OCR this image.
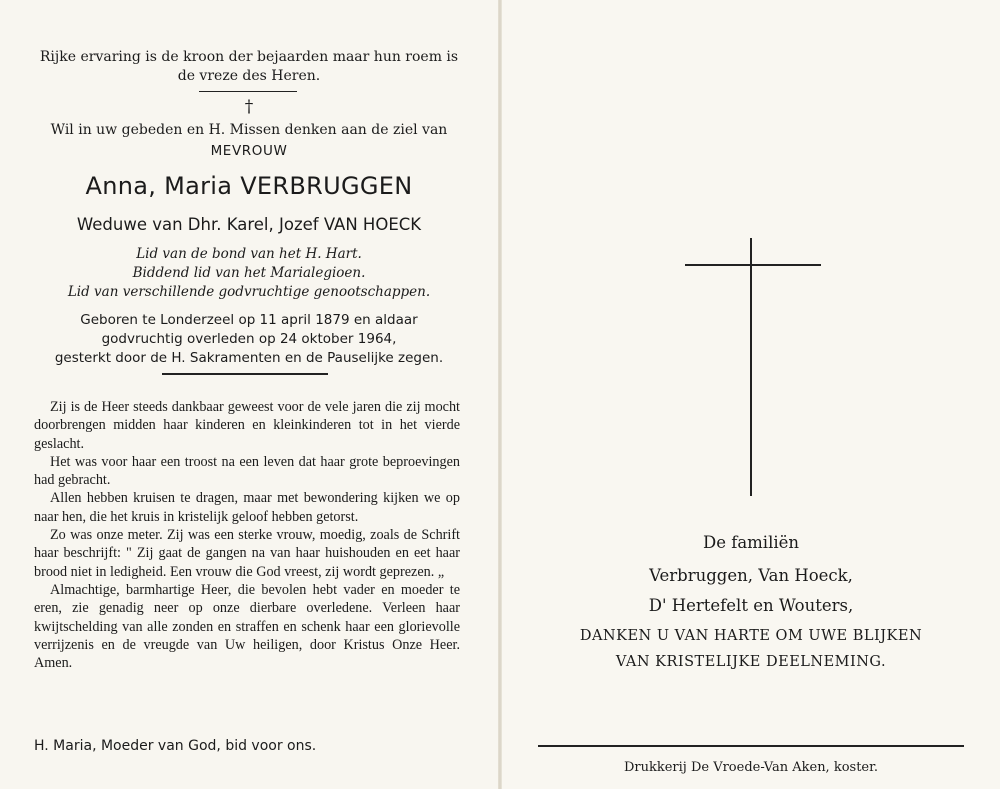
Rijke ervaring is de kroon der bejaarden maar hun roem is
de vreze des Heren.
†
Wil in uw gebeden en H. Missen denken aan de ziel van
MEVROUW
Anna, Maria VERBRUGGEN
Weduwe van Dhr. Karel, Jozef VAN HOECK
Lid van de bond van het H. Hart.
Biddend lid van het Marialegioen.
Lid van verschillende godvruchtige genootschappen.
Geboren te Londerzeel op 11 april 1879 en aldaar
godvruchtig overleden op 24 oktober 1964,
gesterkt door de H. Sakramenten en de Pauselijke zegen.

Zij is de Heer steeds dankbaar geweest voor de vele jaren die zij mocht doorbrengen midden haar kinderen en kleinkinderen tot in het vierde geslacht.

Het was voor haar een troost na een leven dat haar grote beproevingen had gebracht.

Allen hebben kruisen te dragen, maar met bewondering kijken we op naar hen, die het kruis in kristelijk geloof hebben getorst.

Zo was onze meter. Zij was een sterke vrouw, moedig, zoals de Schrift haar beschrijft: " Zij gaat de gangen na van haar huishouden en eet haar brood niet in ledigheid. Een vrouw die God vreest, zij wordt geprezen. „

Almachtige, barmhartige Heer, die bevolen hebt vader en moeder te eren, zie genadig neer op onze dierbare overledene. Verleen haar kwijtschelding van alle zonden en straffen en schenk haar een glorievolle verrijzenis en de vreugde van Uw heiligen, door Kristus Onze Heer. Amen.

H. Maria, Moeder van God, bid voor ons.
De familiën
Verbruggen, Van Hoeck,
D' Hertefelt en Wouters,
DANKEN U VAN HARTE OM UWE BLIJKEN
VAN KRISTELIJKE DEELNEMING.
Drukkerij De Vroede-Van Aken, koster.
